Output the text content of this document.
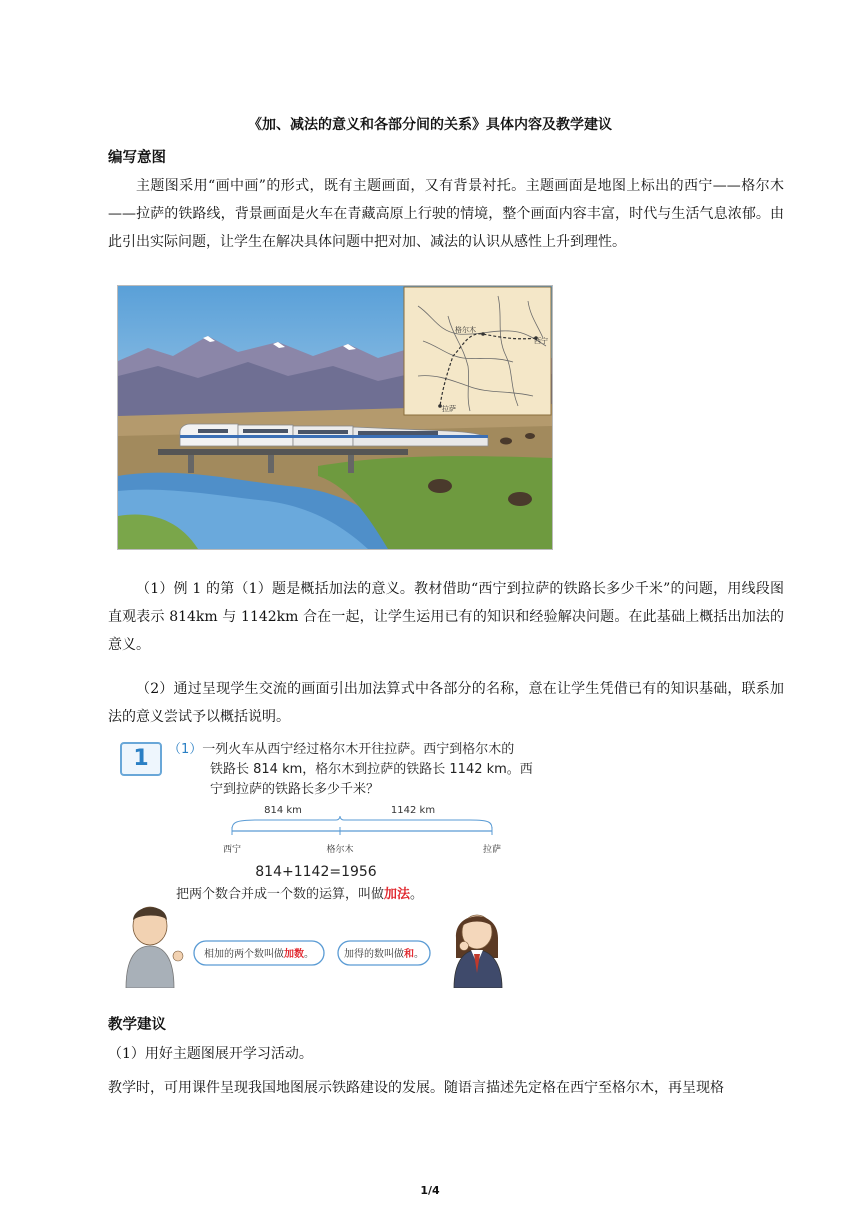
《加、减法的意义和各部分间的关系》具体内容及教学建议
编写意图
主题图采用“画中画”的形式，既有主题画面，又有背景衬托。主题画面是地图上标出的西宁——格尔木——拉萨的铁路线，背景画面是火车在青藏高原上行驶的情境，整个画面内容丰富，时代与生活气息浓郁。由此引出实际问题，让学生在解决具体问题中把对加、减法的认识从感性上升到理性。
格尔木
西宁
拉萨
（1）例 1 的第（1）题是概括加法的意义。教材借助“西宁到拉萨的铁路长多少千米”的问题，用线段图直观表示 814km 与 1142km 合在一起，让学生运用已有的知识和经验解决问题。在此基础上概括出加法的意义。
（2）通过呈现学生交流的画面引出加法算式中各部分的名称，意在让学生凭借已有的知识基础，联系加法的意义尝试予以概括说明。
1	（1）一列火车从西宁经过格尔木开往拉萨。西宁到格尔木的
铁路长 814 km，格尔木到拉萨的铁路长 1142 km。西
宁到拉萨的铁路长多少千米？
814 km	1142 km
西宁	格尔木	拉萨
814+1142=1956
把两个数合并成一个数的运算，叫做加法。
相加的两个数叫做加数。	加得的数叫做和。
教学建议
（1）用好主题图展开学习活动。
教学时，可用课件呈现我国地图展示铁路建设的发展。随语言描述先定格在西宁至格尔木，再呈现格
1/4
